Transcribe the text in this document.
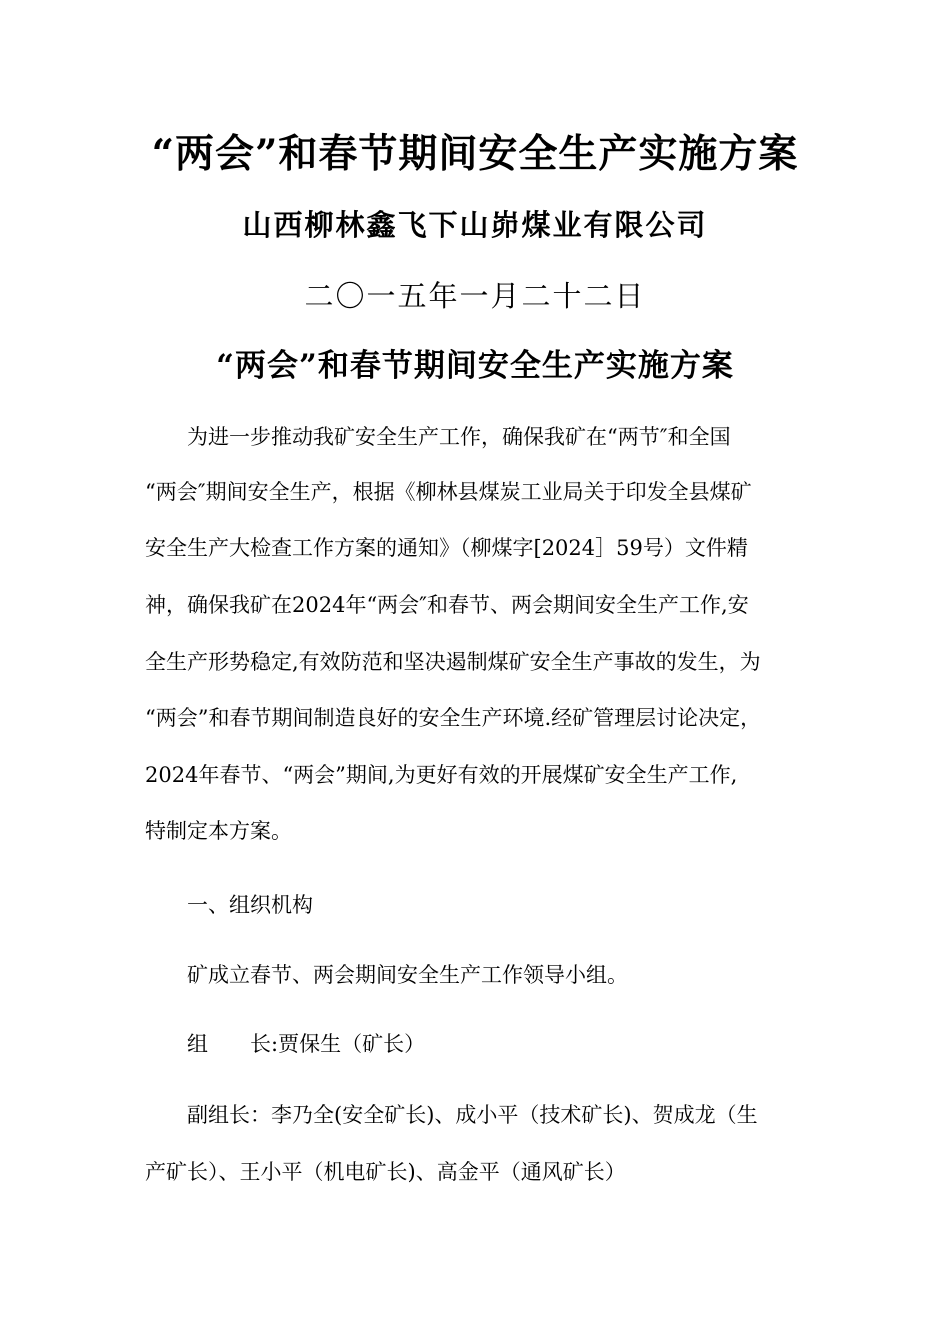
“两会”和春节期间安全生产实施方案
山西柳林鑫飞下山峁煤业有限公司
二〇一五年一月二十二日
“两会”和春节期间安全生产实施方案
　　为进一步推动我矿安全生产工作，确保我矿在“两节″和全国
“两会″期间安全生产，根据《柳林县煤炭工业局关于印发全县煤矿
安全生产大检查工作方案的通知》（柳煤字[2024］59号）文件精
神，确保我矿在2024年“两会″和春节、两会期间安全生产工作,安
全生产形势稳定,有效防范和坚决遏制煤矿安全生产事故的发生，为
“两会”和春节期间制造良好的安全生产环境.经矿管理层讨论决定，
2024年春节、“两会”期间,为更好有效的开展煤矿安全生产工作,
特制定本方案。
　　一、组织机构
　　矿成立春节、两会期间安全生产工作领导小组。
　　组　　长:贾保生（矿长）
　　副组长：李乃全(安全矿长)、成小平（技术矿长)、贺成龙（生
产矿长）、王小平（机电矿长)、高金平（通风矿长）
